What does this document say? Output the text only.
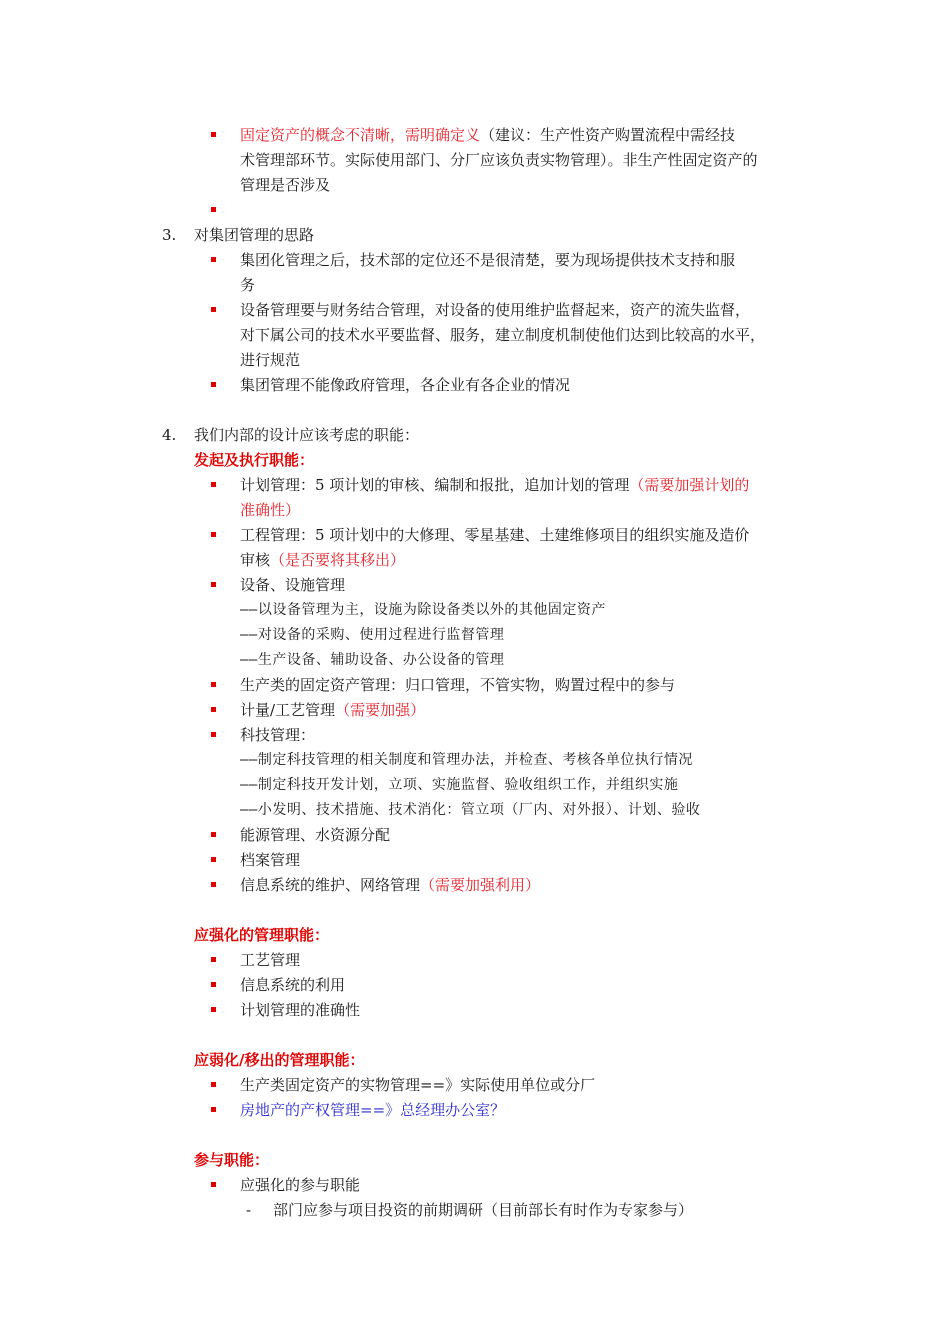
固定资产的概念不清晰，需明确定义（建议：生产性资产购置流程中需经技
术管理部环节。实际使用部门、分厂应该负责实物管理）。非生产性固定资产的
管理是否涉及
3. 对集团管理的思路
集团化管理之后，技术部的定位还不是很清楚，要为现场提供技术支持和服
务
设备管理要与财务结合管理，对设备的使用维护监督起来，资产的流失监督，
对下属公司的技术水平要监督、服务，建立制度机制使他们达到比较高的水平，
进行规范
集团管理不能像政府管理，各企业有各企业的情况
4. 我们内部的设计应该考虑的职能：
发起及执行职能：
计划管理：5 项计划的审核、编制和报批，追加计划的管理（需要加强计划的
准确性）
工程管理：5 项计划中的大修理、零星基建、土建维修项目的组织实施及造价
审核（是否要将其移出）
设备、设施管理
——以设备管理为主，设施为除设备类以外的其他固定资产
——对设备的采购、使用过程进行监督管理
——生产设备、辅助设备、办公设备的管理
生产类的固定资产管理：归口管理，不管实物，购置过程中的参与
计量/工艺管理（需要加强）
科技管理：
——制定科技管理的相关制度和管理办法，并检查、考核各单位执行情况
——制定科技开发计划，立项、实施监督、验收组织工作，并组织实施
——小发明、技术措施、技术消化：管立项（厂内、对外报）、计划、验收
能源管理、水资源分配
档案管理
信息系统的维护、网络管理（需要加强利用）
应强化的管理职能：
工艺管理
信息系统的利用
计划管理的准确性
应弱化/移出的管理职能：
生产类固定资产的实物管理==》实际使用单位或分厂
房地产的产权管理==》总经理办公室？
参与职能：
应强化的参与职能
- 部门应参与项目投资的前期调研（目前部长有时作为专家参与）
